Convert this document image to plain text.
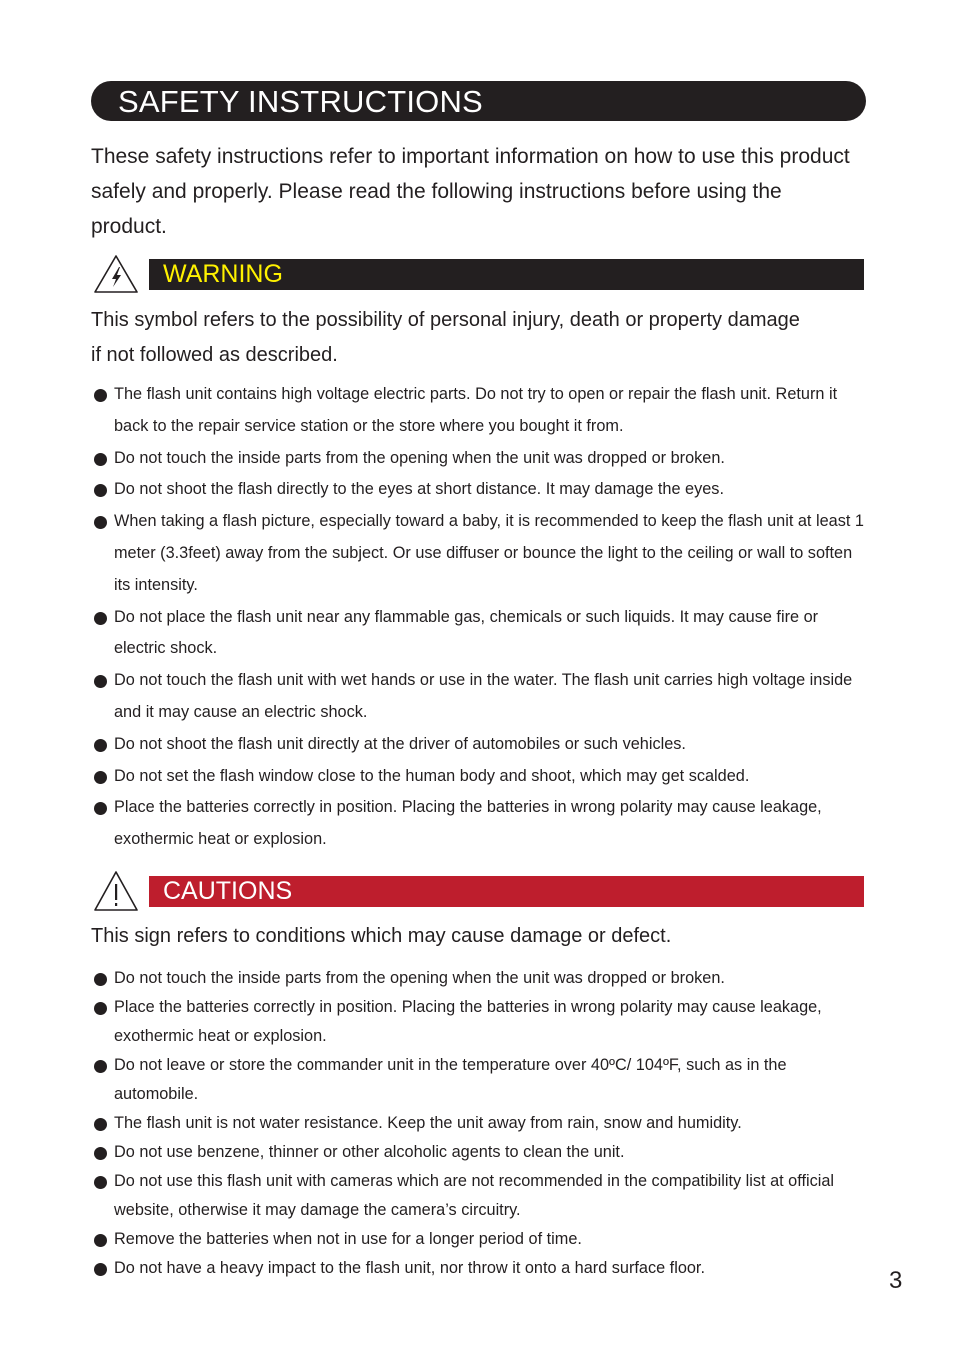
SAFETY INSTRUCTIONS
These safety instructions refer to important information on how to use this product safely and properly. Please read the following instructions before using the product.
WARNING
This symbol refers to the possibility of personal injury, death or property damage if not followed as described.
The flash unit contains high voltage electric parts. Do not try to open or repair the flash unit. Return it back to the repair service station or the store where you bought it from.
Do not touch the inside parts from the opening when the unit was dropped or broken.
Do not shoot the flash directly to the eyes at short distance. It may damage the eyes.
When taking a flash picture, especially toward a baby, it is recommended to keep the flash unit at least 1 meter (3.3feet) away from the subject. Or use diffuser or bounce the light to the ceiling or wall to soften its intensity.
Do not place the flash unit near any flammable gas, chemicals or such liquids. It may cause fire or electric shock.
Do not touch the flash unit with wet hands or use in the water. The flash unit carries high voltage inside and it may cause an electric shock.
Do not shoot the flash unit directly at the driver of automobiles or such vehicles.
Do not set the flash window close to the human body and shoot, which may get scalded.
Place the batteries correctly in position. Placing the batteries in wrong polarity may cause leakage, exothermic heat or explosion.
CAUTIONS
This sign refers to conditions which may cause damage or defect.
Do not touch the inside parts from the opening when the unit was dropped or broken.
Place the batteries correctly in position. Placing the batteries in wrong polarity may cause leakage, exothermic heat or explosion.
Do not leave or store the commander unit in the temperature over 40ºC/ 104ºF, such as in the automobile.
The flash unit is not water resistance. Keep the unit away from rain, snow and humidity.
Do not use benzene, thinner or other alcoholic agents to clean the unit.
Do not use this flash unit with cameras which are not recommended in the compatibility list at official website, otherwise it may damage the camera’s circuitry.
Remove the batteries when not in use for a longer period of time.
Do not have a heavy impact to the flash unit, nor throw it onto a hard surface floor.	3
